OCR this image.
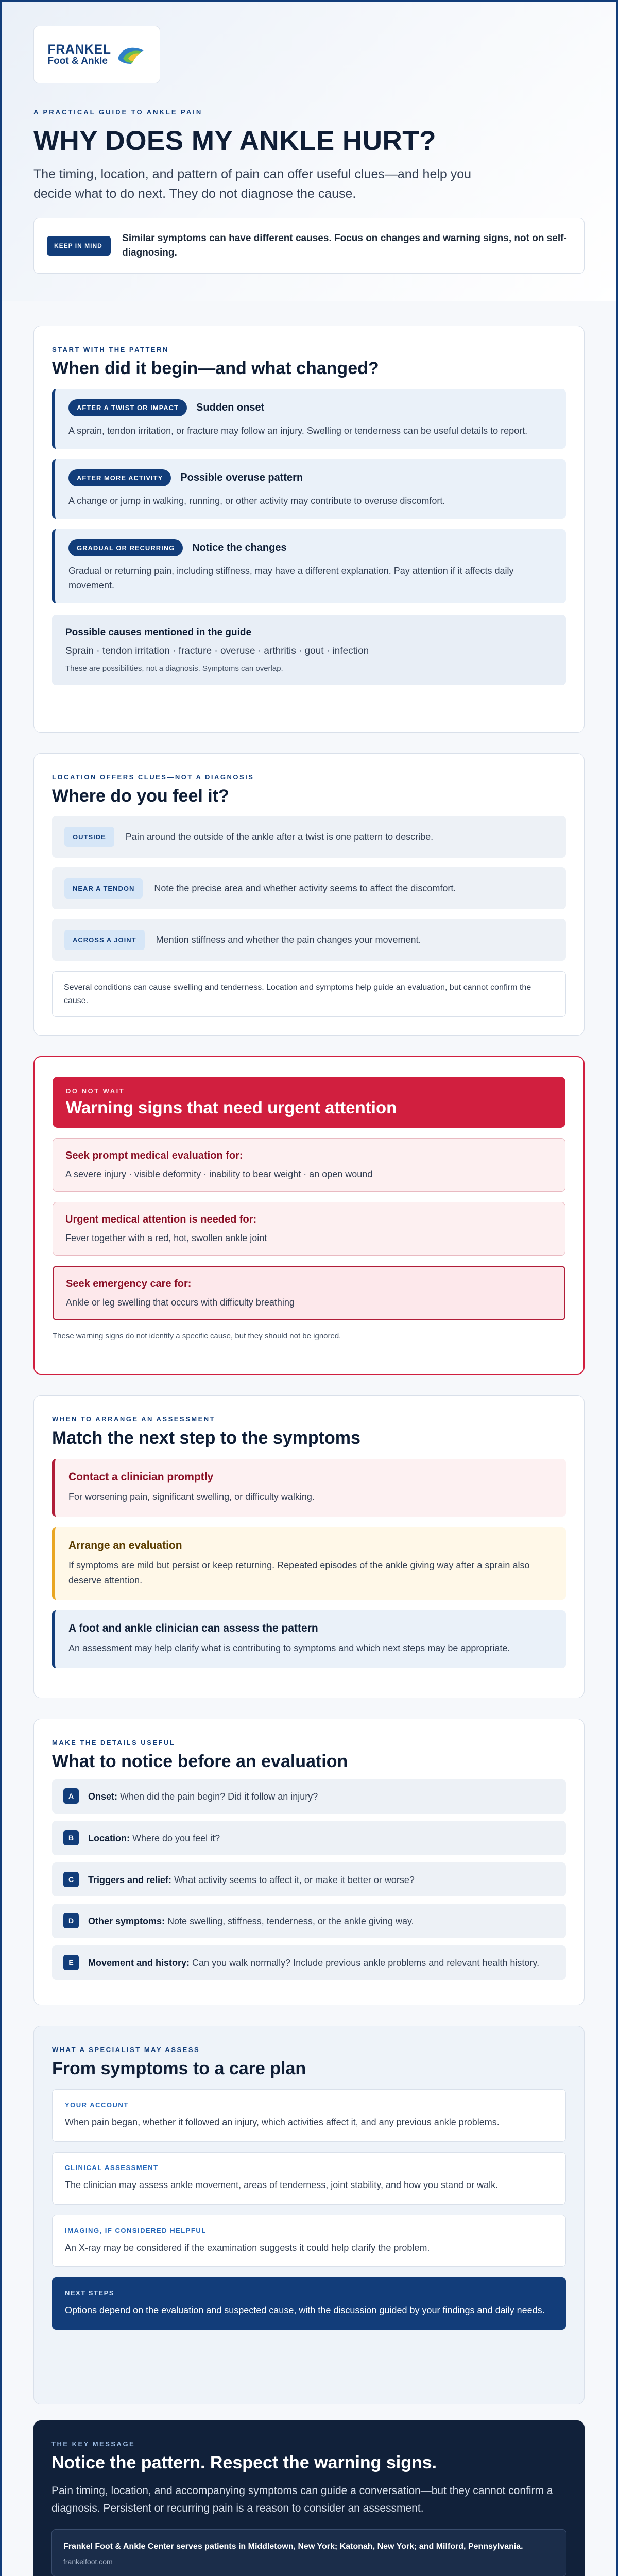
FRANKEL
Foot & Ankle
A PRACTICAL GUIDE TO ANKLE PAIN
WHY DOES MY ANKLE HURT?

The timing, location, and pattern of pain can offer useful clues—and help you decide what to do next. They do not diagnose the cause.

KEEP IN MIND
Similar symptoms can have different causes. Focus on changes and warning signs, not on self-diagnosing.
START WITH THE PATTERN
When did it begin—and what changed?
AFTER A TWIST OR IMPACT	Sudden onset

A sprain, tendon irritation, or fracture may follow an injury. Swelling or tenderness can be useful details to report.

AFTER MORE ACTIVITY	Possible overuse pattern

A change or jump in walking, running, or other activity may contribute to overuse discomfort.

GRADUAL OR RECURRING	Notice the changes

Gradual or returning pain, including stiffness, may have a different explanation. Pay attention if it affects daily movement.

Possible causes mentioned in the guide
Sprain · tendon irritation · fracture · overuse · arthritis · gout · infection
These are possibilities, not a diagnosis. Symptoms can overlap.
LOCATION OFFERS CLUES—NOT A DIAGNOSIS
Where do you feel it?
OUTSIDE	Pain around the outside of the ankle after a twist is one pattern to describe.
NEAR A TENDON	Note the precise area and whether activity seems to affect the discomfort.
ACROSS A JOINT	Mention stiffness and whether the pain changes your movement.
Several conditions can cause swelling and tenderness. Location and symptoms help guide an evaluation, but cannot confirm the cause.
DO NOT WAIT
Warning signs that need urgent attention
Seek prompt medical evaluation for:
A severe injury · visible deformity · inability to bear weight · an open wound
Urgent medical attention is needed for:
Fever together with a red, hot, swollen ankle joint
Seek emergency care for:
Ankle or leg swelling that occurs with difficulty breathing
These warning signs do not identify a specific cause, but they should not be ignored.
WHEN TO ARRANGE AN ASSESSMENT
Match the next step to the symptoms
Contact a clinician promptly
For worsening pain, significant swelling, or difficulty walking.
Arrange an evaluation
If symptoms are mild but persist or keep returning. Repeated episodes of the ankle giving way after a sprain also deserve attention.
A foot and ankle clinician can assess the pattern
An assessment may help clarify what is contributing to symptoms and which next steps may be appropriate.
MAKE THE DETAILS USEFUL
What to notice before an evaluation
A	Onset: When did the pain begin? Did it follow an injury?
B	Location: Where do you feel it?
C	Triggers and relief: What activity seems to affect it, or make it better or worse?
D	Other symptoms: Note swelling, stiffness, tenderness, or the ankle giving way.
E	Movement and history: Can you walk normally? Include previous ankle problems and relevant health history.
WHAT A SPECIALIST MAY ASSESS
From symptoms to a care plan
YOUR ACCOUNT
When pain began, whether it followed an injury, which activities affect it, and any previous ankle problems.
CLINICAL ASSESSMENT
The clinician may assess ankle movement, areas of tenderness, joint stability, and how you stand or walk.
IMAGING, IF CONSIDERED HELPFUL
An X-ray may be considered if the examination suggests it could help clarify the problem.
NEXT STEPS
Options depend on the evaluation and suspected cause, with the discussion guided by your findings and daily needs.
THE KEY MESSAGE
Notice the pattern. Respect the warning signs.

Pain timing, location, and accompanying symptoms can guide a conversation—but they cannot confirm a diagnosis. Persistent or recurring pain is a reason to consider an assessment.

Frankel Foot & Ankle Center serves patients in Middletown, New York; Katonah, New York; and Milford, Pennsylvania.
frankelfoot.com
